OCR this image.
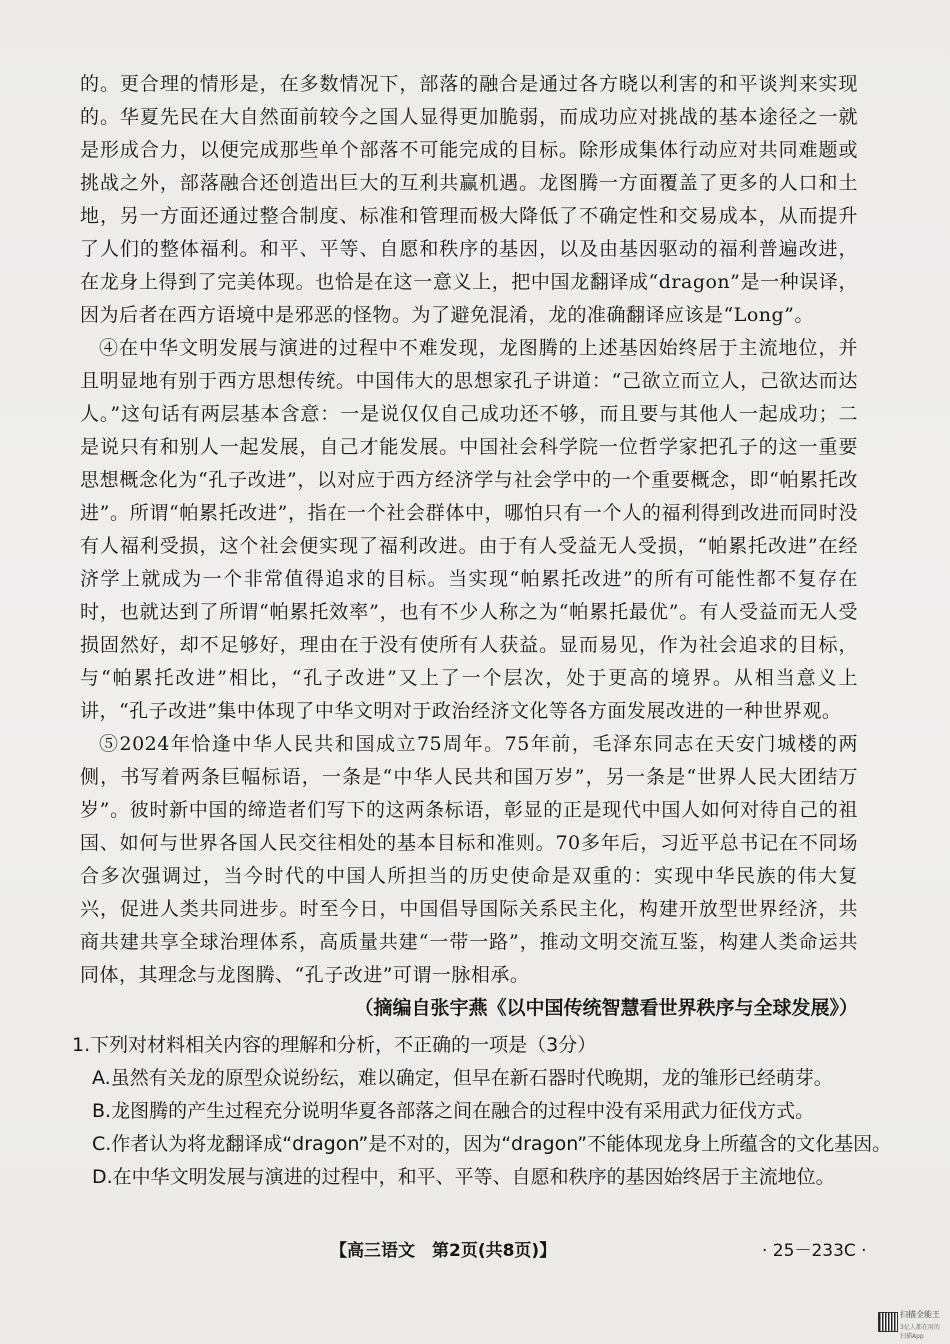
的。更合理的情形是，在多数情况下，部落的融合是通过各方晓以利害的和平谈判来实现的。华夏先民在大自然面前较今之国人显得更加脆弱，而成功应对挑战的基本途径之一就是形成合力，以便完成那些单个部落不可能完成的目标。除形成集体行动应对共同难题或挑战之外，部落融合还创造出巨大的互利共赢机遇。龙图腾一方面覆盖了更多的人口和土地，另一方面还通过整合制度、标准和管理而极大降低了不确定性和交易成本，从而提升了人们的整体福利。和平、平等、自愿和秩序的基因，以及由基因驱动的福利普遍改进，在龙身上得到了完美体现。也恰是在这一意义上，把中国龙翻译成“dragon”是一种误译，因为后者在西方语境中是邪恶的怪物。为了避免混淆，龙的准确翻译应该是“Long”。

④在中华文明发展与演进的过程中不难发现，龙图腾的上述基因始终居于主流地位，并且明显地有别于西方思想传统。中国伟大的思想家孔子讲道：“己欲立而立人，己欲达而达人。”这句话有两层基本含意：一是说仅仅自己成功还不够，而且要与其他人一起成功；二是说只有和别人一起发展，自己才能发展。中国社会科学院一位哲学家把孔子的这一重要思想概念化为“孔子改进”，以对应于西方经济学与社会学中的一个重要概念，即“帕累托改进”。所谓“帕累托改进”，指在一个社会群体中，哪怕只有一个人的福利得到改进而同时没有人福利受损，这个社会便实现了福利改进。由于有人受益无人受损，“帕累托改进”在经济学上就成为一个非常值得追求的目标。当实现“帕累托改进”的所有可能性都不复存在时，也就达到了所谓“帕累托效率”，也有不少人称之为“帕累托最优”。有人受益而无人受损固然好，却不足够好，理由在于没有使所有人获益。显而易见，作为社会追求的目标，与“帕累托改进”相比，“孔子改进”又上了一个层次，处于更高的境界。从相当意义上讲，“孔子改进”集中体现了中华文明对于政治经济文化等各方面发展改进的一种世界观。

⑤2024年恰逢中华人民共和国成立75周年。75年前，毛泽东同志在天安门城楼的两侧，书写着两条巨幅标语，一条是“中华人民共和国万岁”，另一条是“世界人民大团结万岁”。彼时新中国的缔造者们写下的这两条标语，彰显的正是现代中国人如何对待自己的祖国、如何与世界各国人民交往相处的基本目标和准则。70多年后，习近平总书记在不同场合多次强调过，当今时代的中国人所担当的历史使命是双重的：实现中华民族的伟大复兴，促进人类共同进步。时至今日，中国倡导国际关系民主化，构建开放型世界经济，共商共建共享全球治理体系，高质量共建“一带一路”，推动文明交流互鉴，构建人类命运共同体，其理念与龙图腾、“孔子改进”可谓一脉相承。

（摘编自张宇燕《以中国传统智慧看世界秩序与全球发展》）

1.下列对材料相关内容的理解和分析，不正确的一项是（3分）

A.虽然有关龙的原型众说纷纭，难以确定，但早在新石器时代晚期，龙的雏形已经萌芽。

B.龙图腾的产生过程充分说明华夏各部落之间在融合的过程中没有采用武力征伐方式。

C.作者认为将龙翻译成“dragon”是不对的，因为“dragon”不能体现龙身上所蕴含的文化基因。

D.在中华文明发展与演进的过程中，和平、平等、自愿和秩序的基因始终居于主流地位。

【高三语文　第2页(共8页)】	· 25－233C ·
扫描全能王
3亿人都在用的扫描App
